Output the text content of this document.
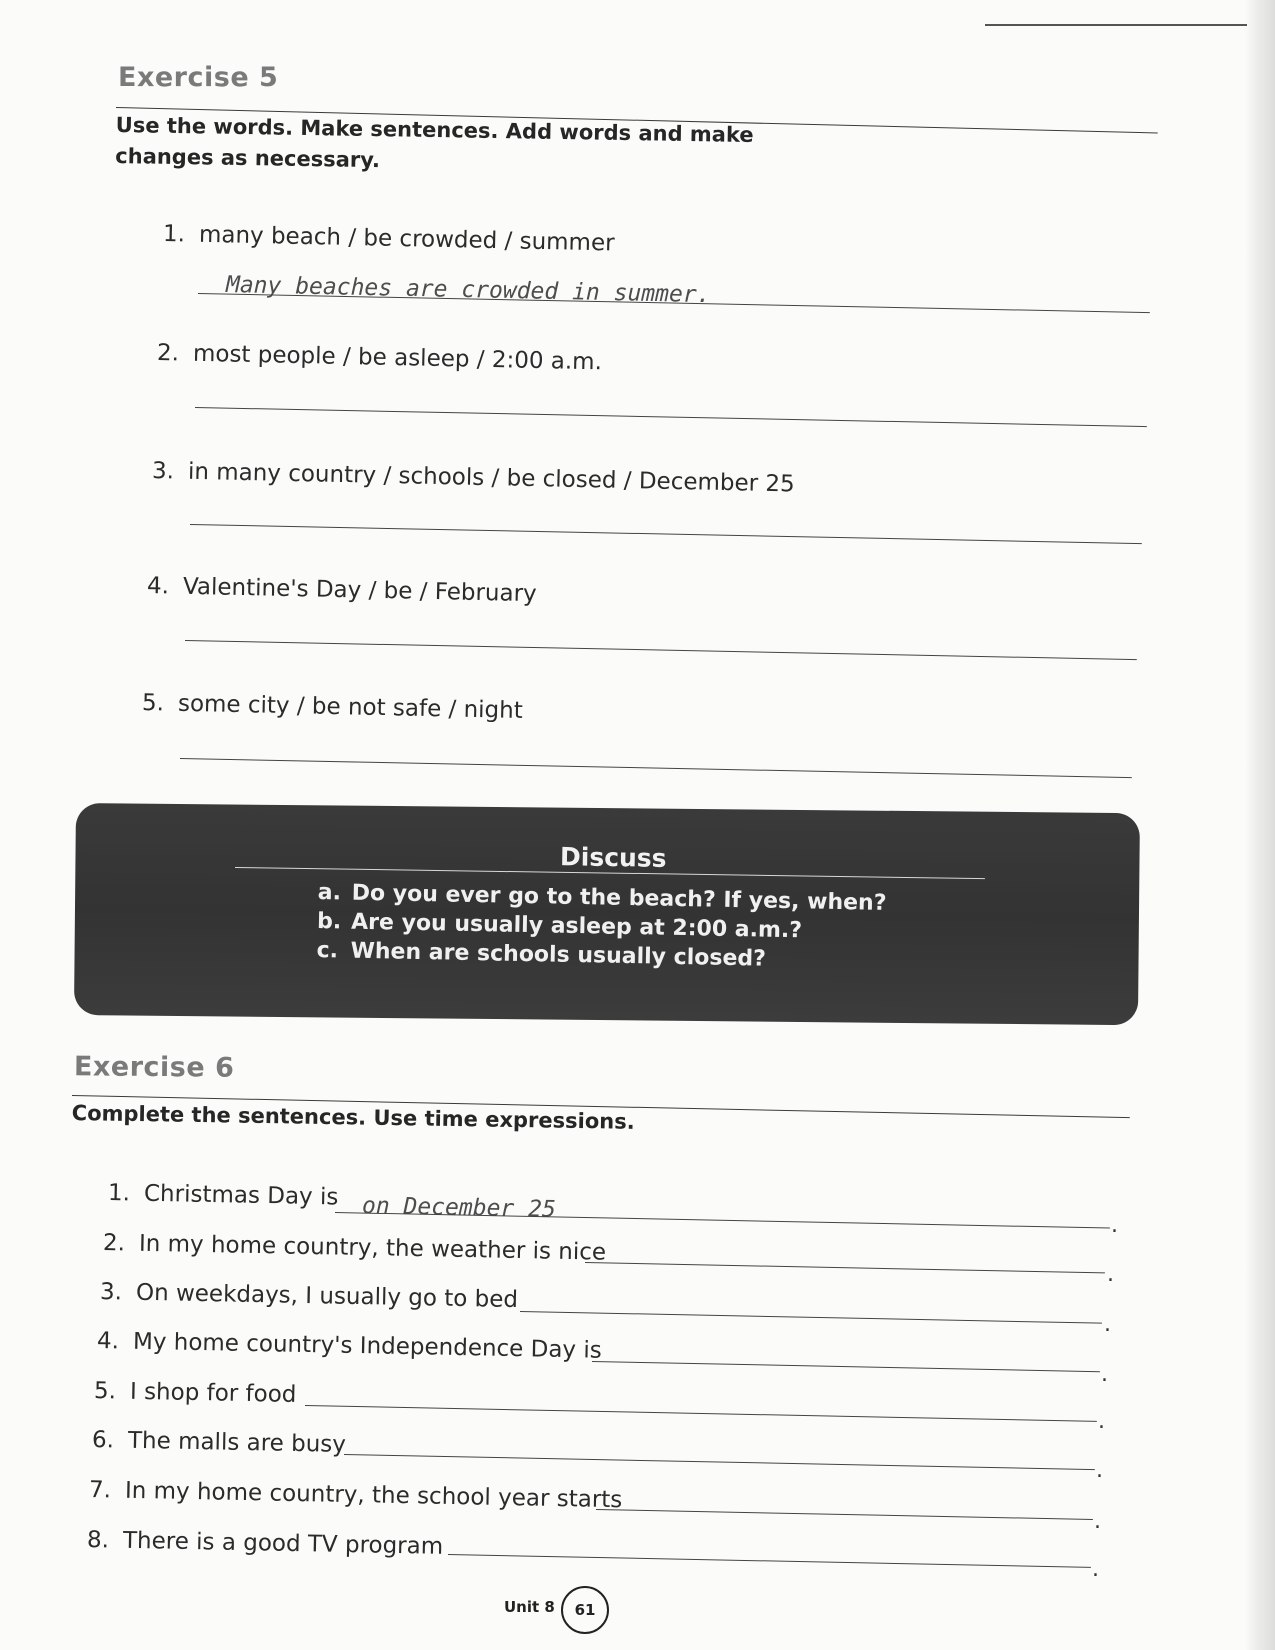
Exercise 5
Use the words. Make sentences. Add words and make changes as necessary.
1. many beach / be crowded / summer
Many beaches are crowded in summer.
2. most people / be asleep / 2:00 a.m.
3. in many country / schools / be closed / December 25
4. Valentine's Day / be / February
5. some city / be not safe / night
Discuss
a. Do you ever go to the beach? If yes, when?
b. Are you usually asleep at 2:00 a.m.?
c. When are schools usually closed?
Exercise 6
Complete the sentences. Use time expressions.
1. Christmas Day is on December 25
.
2. In my home country, the weather is nice
.
3. On weekdays, I usually go to bed
.
4. My home country's Independence Day is
.
5. I shop for food
.
6. The malls are busy
.
7. In my home country, the school year starts
.
8. There is a good TV program
.
Unit 8 61
